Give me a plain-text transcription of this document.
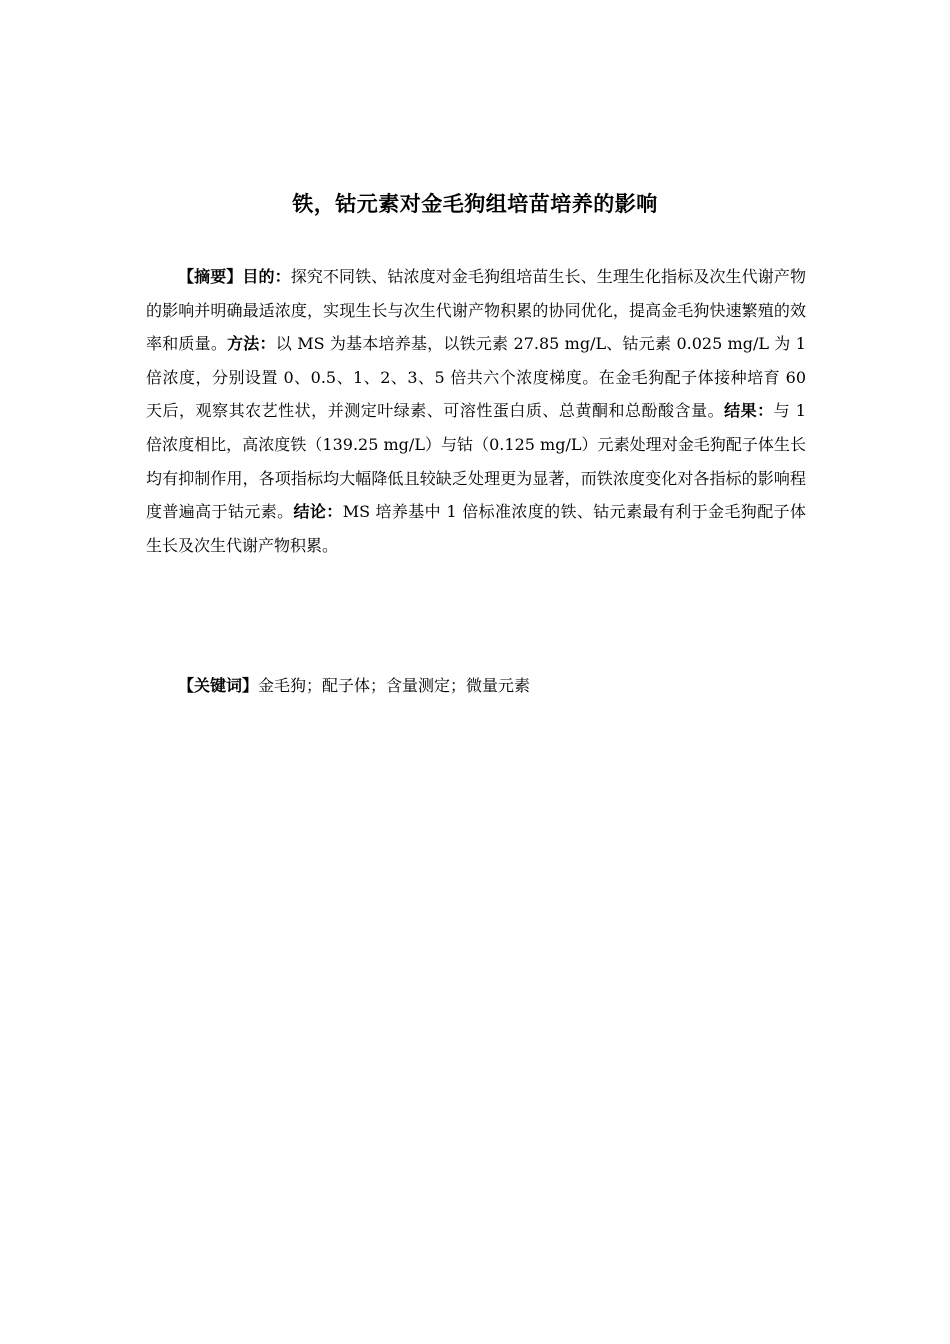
铁，钴元素对金毛狗组培苗培养的影响

【摘要】目的：探究不同铁、钴浓度对金毛狗组培苗生长、生理生化指标及次生代谢产物的影响并明确最适浓度，实现生长与次生代谢产物积累的协同优化，提高金毛狗快速繁殖的效率和质量。方法：以 MS 为基本培养基，以铁元素 27.85 mg/L、钴元素 0.025 mg/L 为 1 倍浓度，分别设置 0、0.5、1、2、3、5 倍共六个浓度梯度。在金毛狗配子体接种培育 60 天后，观察其农艺性状，并测定叶绿素、可溶性蛋白质、总黄酮和总酚酸含量。结果：与 1 倍浓度相比，高浓度铁（139.25 mg/L）与钴（0.125 mg/L）元素处理对金毛狗配子体生长均有抑制作用，各项指标均大幅降低且较缺乏处理更为显著，而铁浓度变化对各指标的影响程度普遍高于钴元素。结论：MS 培养基中 1 倍标准浓度的铁、钴元素最有利于金毛狗配子体生长及次生代谢产物积累。

【关键词】金毛狗；配子体；含量测定；微量元素
